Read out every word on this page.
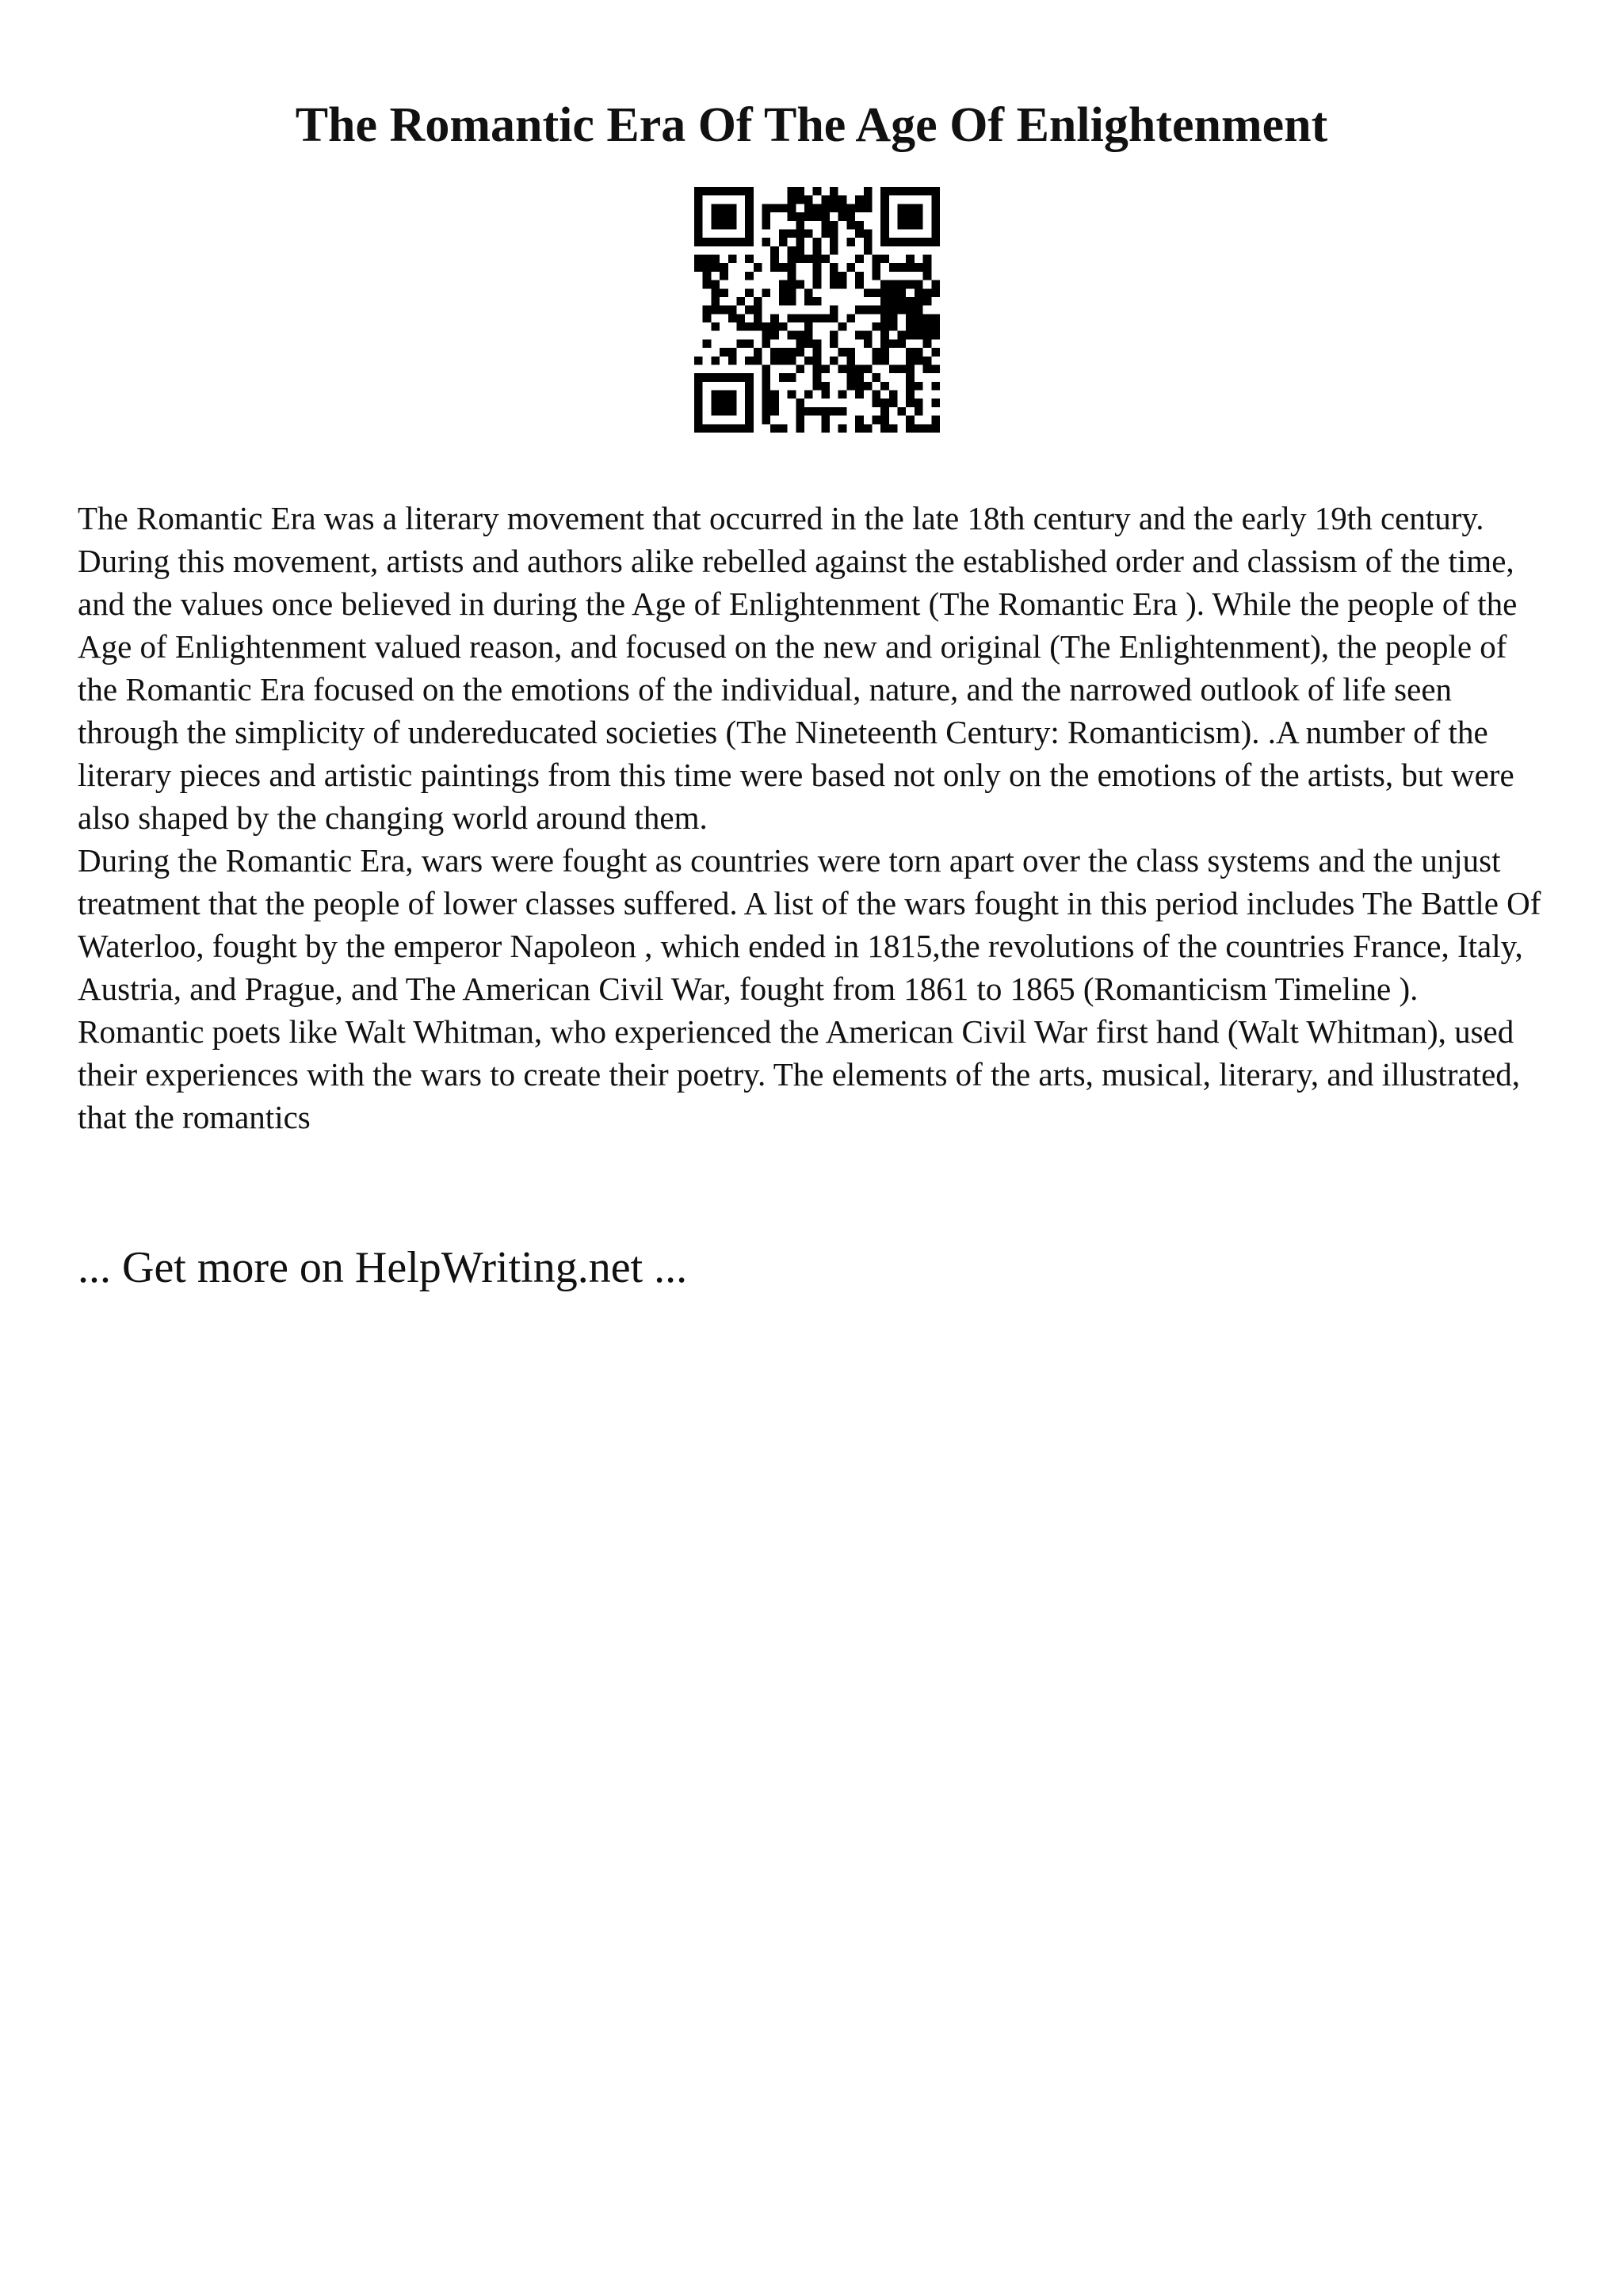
The Romantic Era Of The Age Of Enlightenment

The Romantic Era was a literary movement that occurred in the late 18th century and the early 19th century. During this movement, artists and authors alike rebelled against the established order and classism of the time, and the values once believed in during the Age of Enlightenment (The Romantic Era ). While the people of the Age of Enlightenment valued reason, and focused on the new and original (The Enlightenment), the people of the Romantic Era focused on the emotions of the individual, nature, and the narrowed outlook of life seen through the simplicity of undereducated societies (The Nineteenth Century: Romanticism). .A number of the literary pieces and artistic paintings from this time were based not only on the emotions of the artists, but were also shaped by the changing world around them.

During the Romantic Era, wars were fought as countries were torn apart over the class systems and the unjust treatment that the people of lower classes suffered. A list of the wars fought in this period includes The Battle Of Waterloo, fought by the emperor Napoleon , which ended in 1815,the revolutions of the countries France, Italy, Austria, and Prague, and The American Civil War, fought from 1861 to 1865 (Romanticism Timeline ). Romantic poets like Walt Whitman, who experienced the American Civil War first hand (Walt Whitman), used their experiences with the wars to create their poetry. The elements of the arts, musical, literary, and illustrated, that the romantics

... Get more on HelpWriting.net ...
